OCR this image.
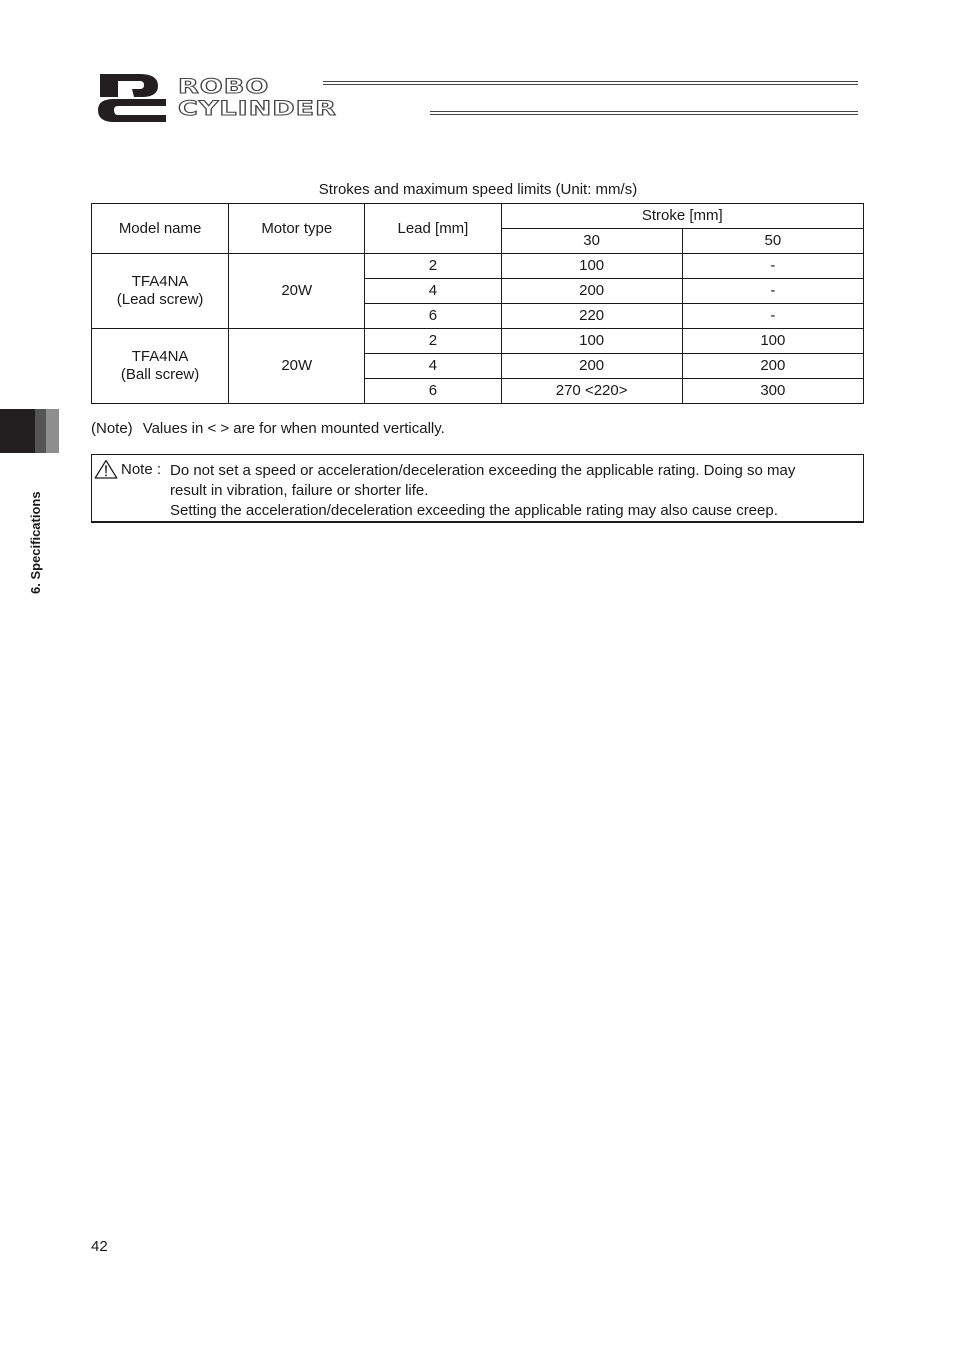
ROBO
CYLINDER
6. Specifications
Strokes and maximum speed limits (Unit: mm/s)
Model name	Motor type	Lead [mm]	Stroke [mm]	
			30	50

TFA4NA
(Lead screw)	20W	2	100	-
		4	200	-
		6	220	-

TFA4NA
(Ball screw)	20W	2	100	100
		4	200	200
		6	270 <220>	300
(Note) Values in < > are for when mounted vertically.
Note : Do not set a speed or acceleration/deceleration exceeding the applicable rating. Doing so may
result in vibration, failure or shorter life.
Setting the acceleration/deceleration exceeding the applicable rating may also cause creep.
42
